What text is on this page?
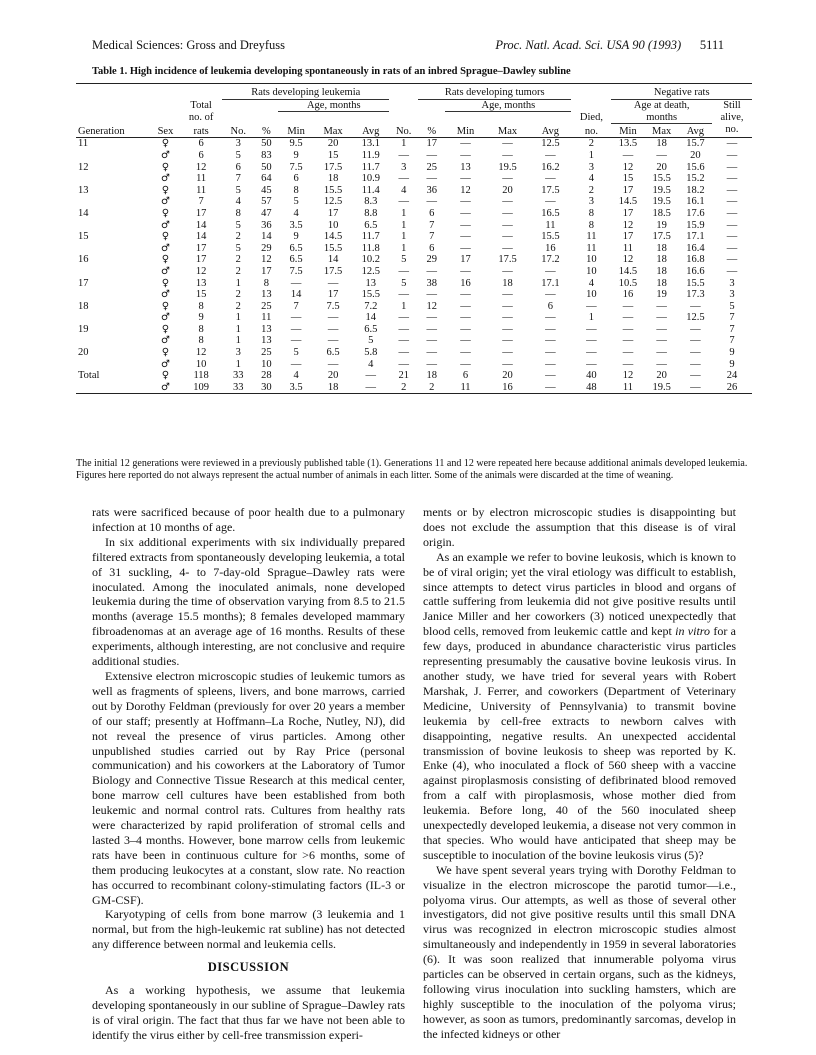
Medical Sciences: Gross and Dreyfuss	Proc. Natl. Acad. Sci. USA 90 (1993) 5111
Table 1. High incidence of leukemia developing spontaneously in rats of an inbred Sprague–Dawley subline
			Rats developing leukemia						Rats developing tumors					Negative rats			
		Total			Age, months					Age, months				Age at death,			Still
		no. of											Died,	months			alive,
Generation	Sex	rats	No.	%	Min	Max	Avg	No.	%	Min	Max	Avg	no.	Min	Max	Avg	no.
11	♀	6	3	50	9.5	20	13.1	1	17	—	—	12.5	2	13.5	18	15.7	—
	♂	6	5	83	9	15	11.9	—	—	—	—	—	1	—	—	20	—
12	♀	12	6	50	7.5	17.5	11.7	3	25	13	19.5	16.2	3	12	20	15.6	—
	♂	11	7	64	6	18	10.9	—	—	—	—	—	4	15	15.5	15.2	—
13	♀	11	5	45	8	15.5	11.4	4	36	12	20	17.5	2	17	19.5	18.2	—
	♂	7	4	57	5	12.5	8.3	—	—	—	—	—	3	14.5	19.5	16.1	—
14	♀	17	8	47	4	17	8.8	1	6	—	—	16.5	8	17	18.5	17.6	—
	♂	14	5	36	3.5	10	6.5	1	7	—	—	11	8	12	19	15.9	—
15	♀	14	2	14	9	14.5	11.7	1	7	—	—	15.5	11	17	17.5	17.1	—
	♂	17	5	29	6.5	15.5	11.8	1	6	—	—	16	11	11	18	16.4	—
16	♀	17	2	12	6.5	14	10.2	5	29	17	17.5	17.2	10	12	18	16.8	—
	♂	12	2	17	7.5	17.5	12.5	—	—	—	—	—	10	14.5	18	16.6	—
17	♀	13	1	8	—	—	13	5	38	16	18	17.1	4	10.5	18	15.5	3
	♂	15	2	13	14	17	15.5	—	—	—	—	—	10	16	19	17.3	3
18	♀	8	2	25	7	7.5	7.2	1	12	—	—	6	—	—	—	—	5
	♂	9	1	11	—	—	14	—	—	—	—	—	1	—	—	12.5	7
19	♀	8	1	13	—	—	6.5	—	—	—	—	—	—	—	—	—	7
	♂	8	1	13	—	—	5	—	—	—	—	—	—	—	—	—	7
20	♀	12	3	25	5	6.5	5.8	—	—	—	—	—	—	—	—	—	9
	♂	10	1	10	—	—	4	—	—	—	—	—	—	—	—	—	9
Total	♀	118	33	28	4	20	—	21	18	6	20	—	40	12	20	—	24
	♂	109	33	30	3.5	18	—	2	2	11	16	—	48	11	19.5	—	26
The initial 12 generations were reviewed in a previously published table (1). Generations 11 and 12 were repeated here because additional animals developed leukemia. Figures here reported do not always represent the actual number of animals in each litter. Some of the animals were discarded at the time of weaning.

rats were sacrificed because of poor health due to a pulmonary infection at 10 months of age.

In six additional experiments with six individually prepared filtered extracts from spontaneously developing leukemia, a total of 31 suckling, 4- to 7-day-old Sprague–Dawley rats were inoculated. Among the inoculated animals, none developed leukemia during the time of observation varying from 8.5 to 21.5 months (average 15.5 months); 8 females developed mammary fibroadenomas at an average age of 16 months. Results of these experiments, although interesting, are not conclusive and require additional studies.

Extensive electron microscopic studies of leukemic tumors as well as fragments of spleens, livers, and bone marrows, carried out by Dorothy Feldman (previously for over 20 years a member of our staff; presently at Hoffmann–La Roche, Nutley, NJ), did not reveal the presence of virus particles. Among other unpublished studies carried out by Ray Price (personal communication) and his coworkers at the Laboratory of Tumor Biology and Connective Tissue Research at this medical center, bone marrow cell cultures have been established from both leukemic and normal control rats. Cultures from healthy rats were characterized by rapid proliferation of stromal cells and lasted 3–4 months. However, bone marrow cells from leukemic rats have been in continuous culture for >6 months, some of them producing leukocytes at a constant, slow rate. No reaction has occurred to recombinant colony-stimulating factors (IL-3 or GM-CSF).

Karyotyping of cells from bone marrow (3 leukemia and 1 normal, but from the high-leukemic rat subline) has not detected any difference between normal and leukemia cells.

DISCUSSION

As a working hypothesis, we assume that leukemia developing spontaneously in our subline of Sprague–Dawley rats is of viral origin. The fact that thus far we have not been able to identify the virus either by cell-free transmission experi-

ments or by electron microscopic studies is disappointing but does not exclude the assumption that this disease is of viral origin.

As an example we refer to bovine leukosis, which is known to be of viral origin; yet the viral etiology was difficult to establish, since attempts to detect virus particles in blood and organs of cattle suffering from leukemia did not give positive results until Janice Miller and her coworkers (3) noticed unexpectedly that blood cells, removed from leukemic cattle and kept in vitro for a few days, produced in abundance characteristic virus particles representing presumably the causative bovine leukosis virus. In another study, we have tried for several years with Robert Marshak, J. Ferrer, and coworkers (Department of Veterinary Medicine, University of Pennsylvania) to transmit bovine leukemia by cell-free extracts to newborn calves with disappointing, negative results. An unexpected accidental transmission of bovine leukosis to sheep was reported by K. Enke (4), who inoculated a flock of 560 sheep with a vaccine against piroplasmosis consisting of defibrinated blood removed from a calf with piroplasmosis, whose mother died from leukemia. Before long, 40 of the 560 inoculated sheep unexpectedly developed leukemia, a disease not very common in that species. Who would have anticipated that sheep may be susceptible to inoculation of the bovine leukosis virus (5)?

We have spent several years trying with Dorothy Feldman to visualize in the electron microscope the parotid tumor—i.e., polyoma virus. Our attempts, as well as those of several other investigators, did not give positive results until this small DNA virus was recognized in electron microscopic studies almost simultaneously and independently in 1959 in several laboratories (6). It was soon realized that innumerable polyoma virus particles can be observed in certain organs, such as the kidneys, following virus inoculation into suckling hamsters, which are highly susceptible to the inoculation of the polyoma virus; however, as soon as tumors, predominantly sarcomas, develop in the infected kidneys or other
